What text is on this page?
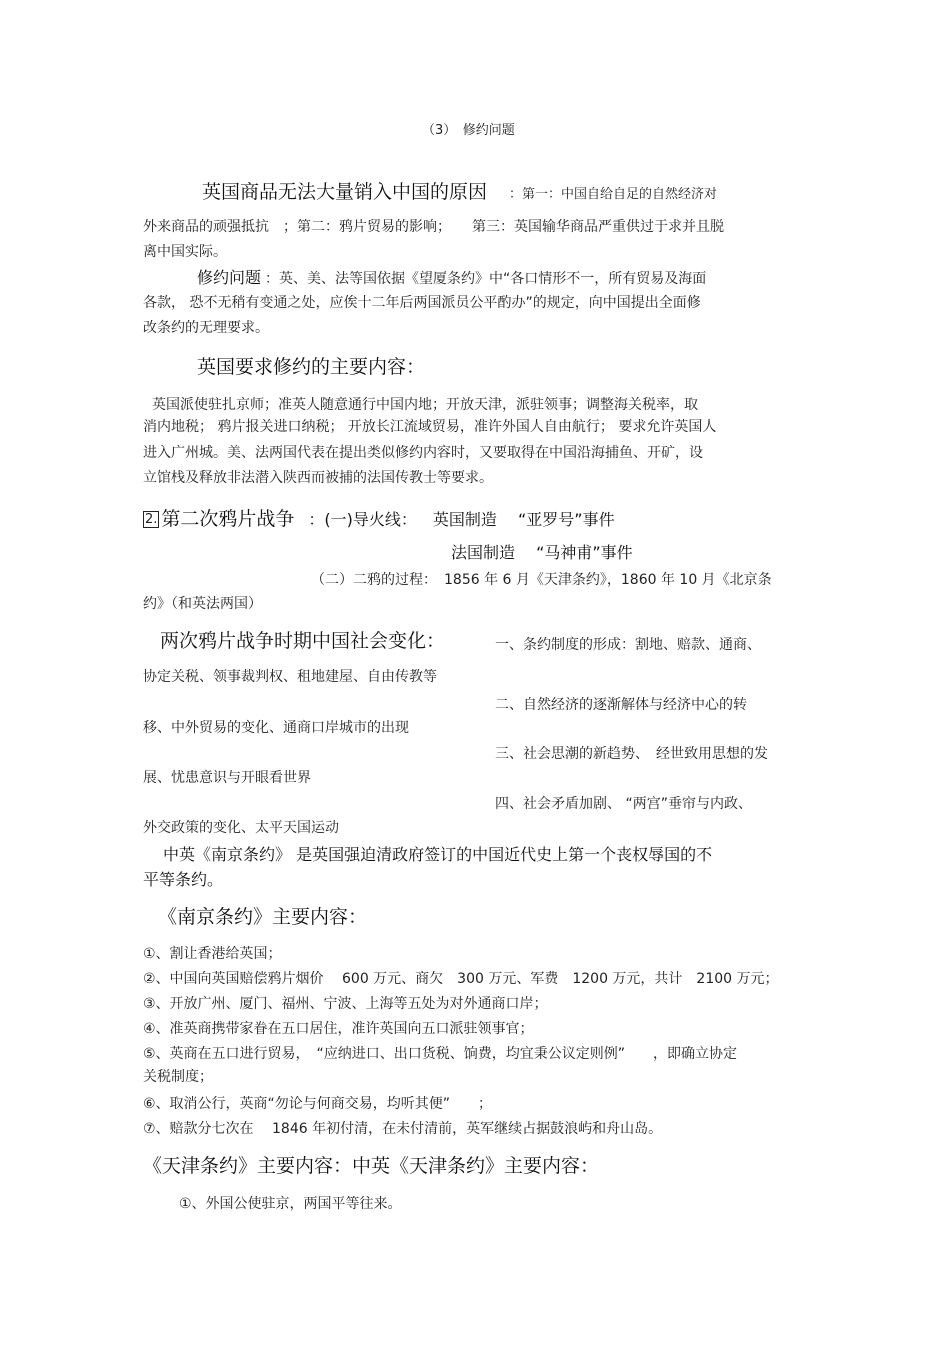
（3）　修约问题
英国商品无法大量销入中国的原因 ：第一：中国自给自足的自然经济对
外来商品的顽强抵抗　；第二：鸦片贸易的影响；　　第三：英国输华商品严重供过于求并且脱
离中国实际。
修约问题 ：英、美、法等国依据《望厦条约》中“各口情形不一，所有贸易及海面
各款， 恐不无稍有变通之处，应俟十二年后两国派员公平酌办”的规定，向中国提出全面修
改条约的无理要求。
英国要求修约的主要内容：
英国派使驻扎京师；准英人随意通行中国内地；开放天津，派驻领事；调整海关税率，取
消内地税； 鸦片报关进口纳税； 开放长江流域贸易，准许外国人自由航行； 要求允许英国人
进入广州城。美、法两国代表在提出类似修约内容时，又要取得在中国沿海捕鱼、开矿，设
立馆栈及释放非法潜入陕西而被捕的法国传教士等要求。
2. 第二次鸦片战争 ：(一)导火线： 英国制造　 “亚罗号”事件
法国制造　 “马神甫”事件
（二）二鸦的过程：　1856 年 6 月《天津条约》，1860 年 10 月《北京条
约》（和英法两国）
两次鸦片战争时期中国社会变化：	一、条约制度的形成：割地、赔款、通商、
协定关税、领事裁判权、租地建屋、自由传教等
二、自然经济的逐渐解体与经济中心的转
移、中外贸易的变化、通商口岸城市的出现
三、社会思潮的新趋势、　经世致用思想的发
展、忧患意识与开眼看世界
四、社会矛盾加剧、 “两宫”垂帘与内政、
外交政策的变化、太平天国运动
中英《南京条约》 是英国强迫清政府签订的中国近代史上第一个丧权辱国的不
平等条约。
《南京条约》主要内容：
①、割让香港给英国；
②、中国向英国赔偿鸦片烟价　 600 万元、商欠　300 万元、军费　1200 万元，共计　2100 万元；
③、开放广州、厦门、福州、宁波、上海等五处为对外通商口岸；
④、准英商携带家眷在五口居住，准许英国向五口派驻领事官；
⑤、英商在五口进行贸易，　“应纳进口、出口货税、饷费，均宜秉公议定则例”　　，即确立协定
关税制度；
⑥、取消公行，英商“勿论与何商交易，均听其便”　　；
⑦、赔款分七次在　 1846 年初付清，在未付清前，英军继续占据鼓浪屿和舟山岛。
《天津条约》主要内容：中英《天津条约》主要内容：
①、外国公使驻京，两国平等往来。
